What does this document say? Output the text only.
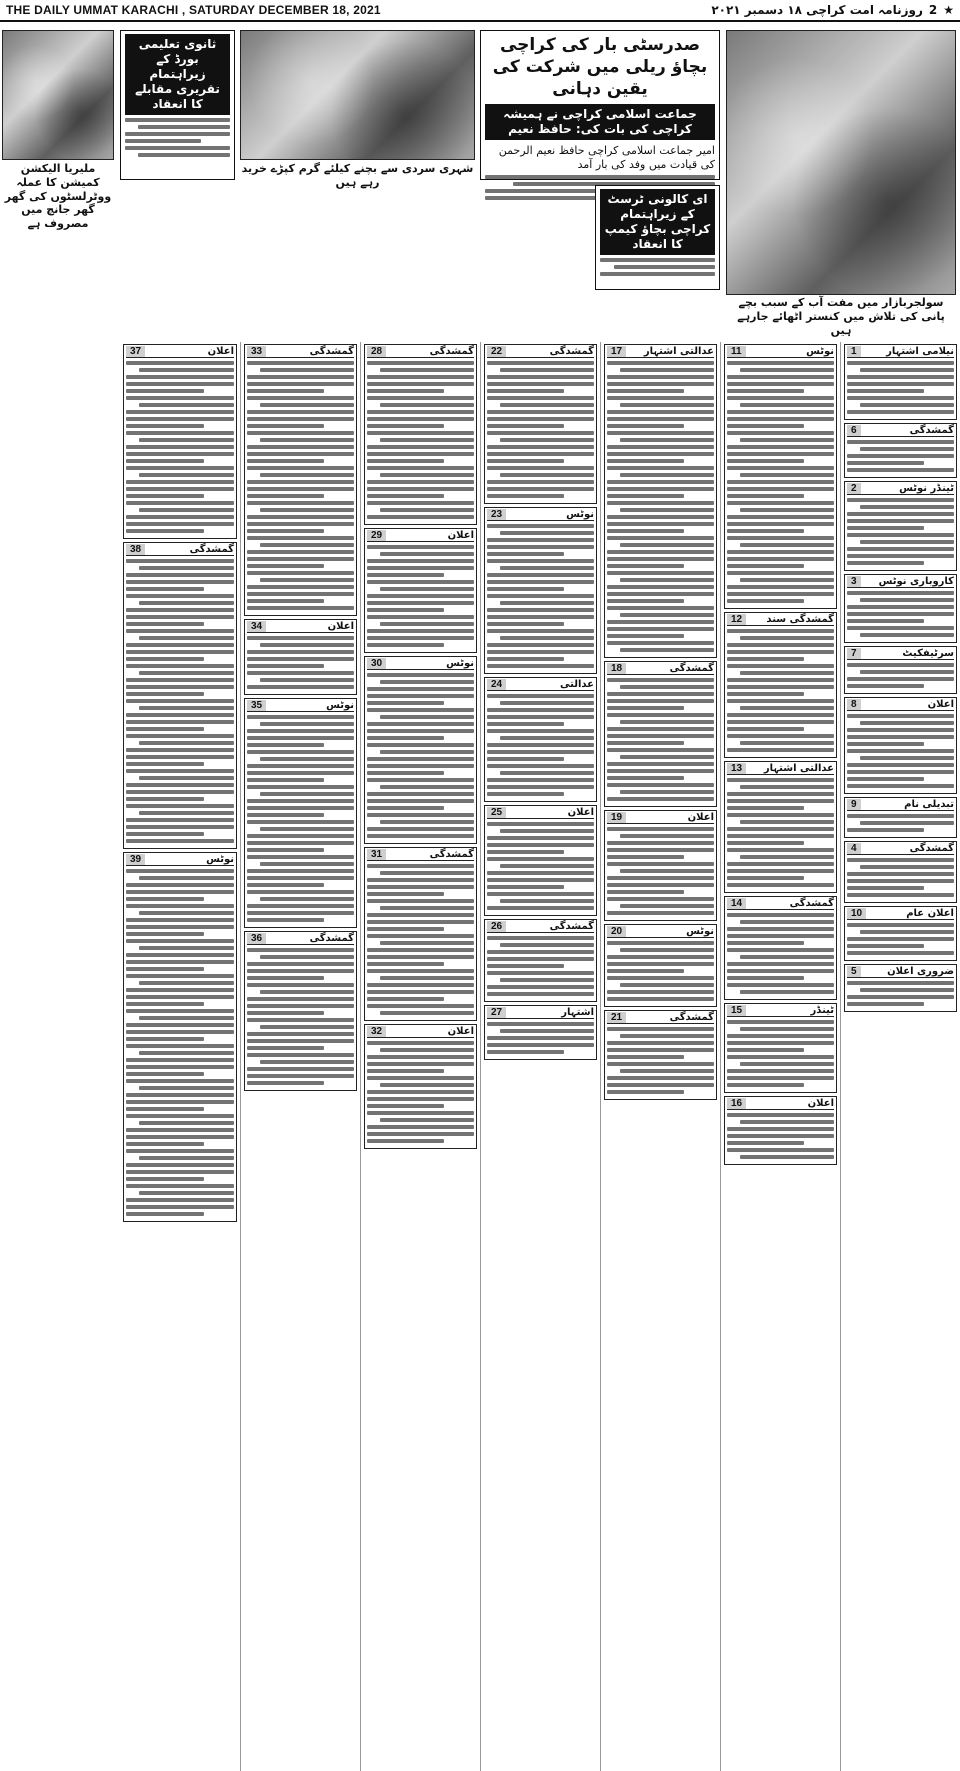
THE DAILY UMMAT KARACHI , SATURDAY DECEMBER 18, 2021	★
2
روزنامہ امت کراچی ۱۸ دسمبر ۲۰۲۱
سولجربازار میں مفت آب کے سبب بچے پانی کی تلاش میں کنستر اٹھائے جارہے ہیں
صدرسٹی بار کی کراچی بچاؤ ریلی میں شرکت کی یقین دہانی
جماعت اسلامی کراچی نے ہمیشہ کراچی کی بات کی: حافظ نعیم
امیر جماعت اسلامی کراچی حافظ نعیم الرحمن کی قیادت میں وفد کی بار آمد
ای کالونی ٹرسٹ کے زیراہتمام کراچی بچاؤ کیمپ کا انعقاد
شہری سردی سے بچنے کیلئے گرم کپڑے خرید رہے ہیں
ثانوی تعلیمی بورڈ کے زیراہتمام تقریری مقابلے کا انعقاد
ملیریا الیکشن کمیشن کا عملہ ووٹرلسٹوں کی گھر گھر جانچ میں مصروف ہے
نیلامی اشتہار
1
گمشدگی
6
ٹینڈر نوٹس
2
کاروباری نوٹس
3
سرٹیفکیٹ
7
اعلان
8
تبدیلی نام
9
گمشدگی
4
اعلان عام
10
ضروری اعلان
5
نوٹس
11
گمشدگی سند
12
عدالتی اشتہار
13
گمشدگی
14
ٹینڈر
15
اعلان
16
عدالتی اشتہار
17
گمشدگی
18
اعلان
19
نوٹس
20
گمشدگی
21
گمشدگی
22
نوٹس
23
عدالتی
24
اعلان
25
گمشدگی
26
اشتہار
27
گمشدگی
28
اعلان
29
نوٹس
30
گمشدگی
31
اعلان
32
گمشدگی
33
اعلان
34
نوٹس
35
گمشدگی
36
اعلان
37
گمشدگی
38
نوٹس
39
